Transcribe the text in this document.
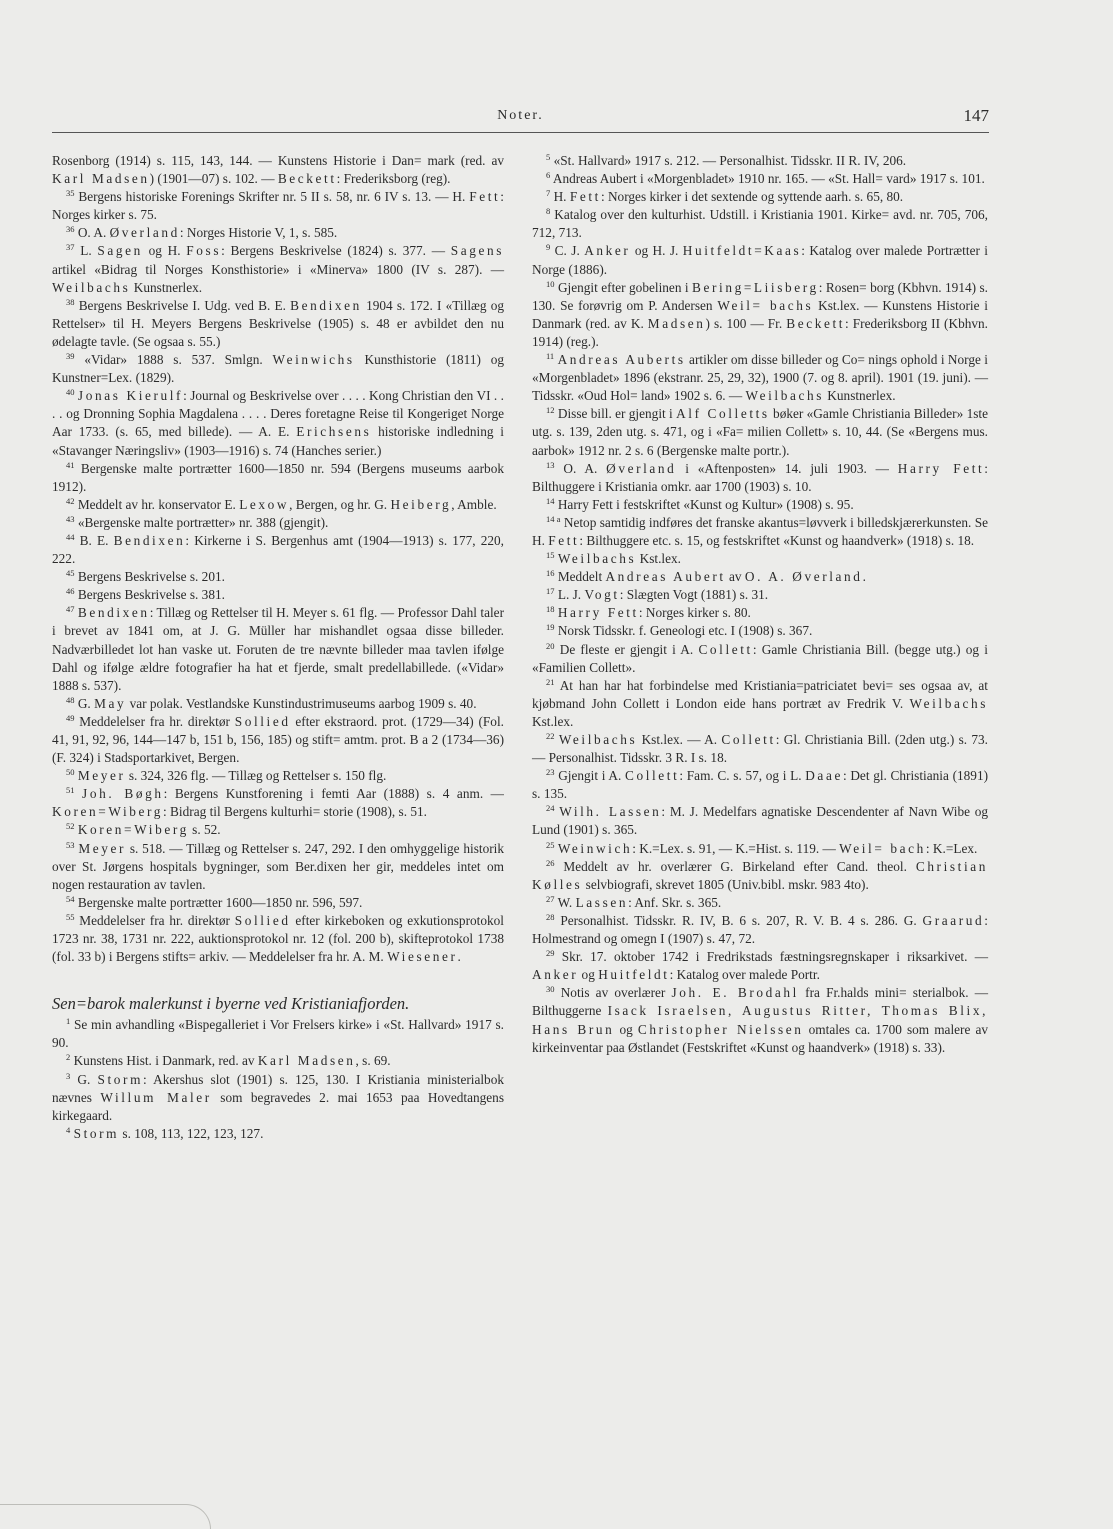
Noter.	147

Rosenborg (1914) s. 115, 143, 144. — Kunstens Historie i Dan= mark (red. av Karl Madsen) (1901—07) s. 102. — Beckett: Frederiksborg (reg).

$^{35}$ Bergens historiske Forenings Skrifter nr. 5 II s. 58, nr. 6 IV s. 13. — H. Fett: Norges kirker s. 75.

$^{36}$ O. A. Øverland: Norges Historie V, 1, s. 585.

$^{37}$ L. Sagen og H. Foss: Bergens Beskrivelse (1824) s. 377. — Sagens artikel «Bidrag til Norges Konsthistorie» i «Minerva» 1800 (IV s. 287). — Weilbachs Kunstnerlex.

$^{38}$ Bergens Beskrivelse I. Udg. ved B. E. Bendixen 1904 s. 172. I «Tillæg og Rettelser» til H. Meyers Bergens Beskrivelse (1905) s. 48 er avbildet den nu ødelagte tavle. (Se ogsaa s. 55.)

$^{39}$ «Vidar» 1888 s. 537. Smlgn. Weinwichs Kunsthistorie (1811) og Kunstner=Lex. (1829).

$^{40}$ Jonas Kierulf: Journal og Beskrivelse over . . . . Kong Christian den VI . . . . og Dronning Sophia Magdalena . . . . Deres foretagne Reise til Kongeriget Norge Aar 1733. (s. 65, med billede). — A. E. Erichsens historiske indledning i «Stavanger Næringsliv» (1903—1916) s. 74 (Hanches serier.)

$^{41}$ Bergenske malte portrætter 1600—1850 nr. 594 (Bergens museums aarbok 1912).

$^{42}$ Meddelt av hr. konservator E. Lexow, Bergen, og hr. G. Heiberg, Amble.

$^{43}$ «Bergenske malte portrætter» nr. 388 (gjengit).

$^{44}$ B. E. Bendixen: Kirkerne i S. Bergenhus amt (1904—1913) s. 177, 220, 222.

$^{45}$ Bergens Beskrivelse s. 201.

$^{46}$ Bergens Beskrivelse s. 381.

$^{47}$ Bendixen: Tillæg og Rettelser til H. Meyer s. 61 flg. — Professor Dahl taler i brevet av 1841 om, at J. G. Müller har mishandlet ogsaa disse billeder. Nadværbilledet lot han vaske ut. Foruten de tre nævnte billeder maa tavlen ifølge Dahl og ifølge ældre fotografier ha hat et fjerde, smalt predellabillede. («Vidar» 1888 s. 537).

$^{48}$ G. May var polak. Vestlandske Kunstindustrimuseums aarbog 1909 s. 40.

$^{49}$ Meddelelser fra hr. direktør Sollied efter ekstraord. prot. (1729—34) (Fol. 41, 91, 92, 96, 144—147 b, 151 b, 156, 185) og stift= amtm. prot. B a 2 (1734—36) (F. 324) i Stadsportarkivet, Bergen.

$^{50}$ Meyer s. 324, 326 flg. — Tillæg og Rettelser s. 150 flg.

$^{51}$ Joh. Bøgh: Bergens Kunstforening i femti Aar (1888) s. 4 anm. — Koren=Wiberg: Bidrag til Bergens kulturhi= storie (1908), s. 51.

$^{52}$ Koren=Wiberg s. 52.

$^{53}$ Meyer s. 518. — Tillæg og Rettelser s. 247, 292. I den omhyggelige historik over St. Jørgens hospitals bygninger, som Ber.dixen her gir, meddeles intet om nogen restauration av tavlen.

$^{54}$ Bergenske malte portrætter 1600—1850 nr. 596, 597.

$^{55}$ Meddelelser fra hr. direktør Sollied efter kirkeboken og exkutionsprotokol 1723 nr. 38, 1731 nr. 222, auktionsprotokol nr. 12 (fol. 200 b), skifteprotokol 1738 (fol. 33 b) i Bergens stifts= arkiv. — Meddelelser fra hr. A. M. Wiesener.

Sen=barok malerkunst i byerne ved Kristianiafjorden.

$^1$ Se min avhandling «Bispegalleriet i Vor Frelsers kirke» i «St. Hallvard» 1917 s. 90.

$^2$ Kunstens Hist. i Danmark, red. av Karl Madsen, s. 69.

$^3$ G. Storm: Akershus slot (1901) s. 125, 130. I Kristiania ministerialbok nævnes Willum Maler som begravedes 2. mai 1653 paa Hovedtangens kirkegaard.

$^4$ Storm s. 108, 113, 122, 123, 127.

$^5$ «St. Hallvard» 1917 s. 212. — Personalhist. Tidsskr. II R. IV, 206.

$^6$ Andreas Aubert i «Morgenbladet» 1910 nr. 165. — «St. Hall= vard» 1917 s. 101.

$^7$ H. Fett: Norges kirker i det sextende og syttende aarh. s. 65, 80.

$^8$ Katalog over den kulturhist. Udstill. i Kristiania 1901. Kirke= avd. nr. 705, 706, 712, 713.

$^9$ C. J. Anker og H. J. Huitfeldt=Kaas: Katalog over malede Portrætter i Norge (1886).

$^{10}$ Gjengit efter gobelinen i Bering=Liisberg: Rosen= borg (Kbhvn. 1914) s. 130. Se forøvrig om P. Andersen Weil= bachs Kst.lex. — Kunstens Historie i Danmark (red. av K. Madsen) s. 100 — Fr. Beckett: Frederiksborg II (Kbhvn. 1914) (reg.).

$^{11}$ Andreas Auberts artikler om disse billeder og Co= nings ophold i Norge i «Morgenbladet» 1896 (ekstranr. 25, 29, 32), 1900 (7. og 8. april). 1901 (19. juni). — Tidsskr. «Oud Hol= land» 1902 s. 6. — Weilbachs Kunstnerlex.

$^{12}$ Disse bill. er gjengit i Alf Colletts bøker «Gamle Christiania Billeder» 1ste utg. s. 139, 2den utg. s. 471, og i «Fa= milien Collett» s. 10, 44. (Se «Bergens mus. aarbok» 1912 nr. 2 s. 6 (Bergenske malte portr.).

$^{13}$ O. A. Øverland i «Aftenposten» 14. juli 1903. — Harry Fett: Bilthuggere i Kristiania omkr. aar 1700 (1903) s. 10.

$^{14}$ Harry Fett i festskriftet «Kunst og Kultur» (1908) s. 95.

$^{14 a}$ Netop samtidig indføres det franske akantus=løvverk i billedskjærerkunsten. Se H. Fett: Bilthuggere etc. s. 15, og festskriftet «Kunst og haandverk» (1918) s. 18.

$^{15}$ Weilbachs Kst.lex.

$^{16}$ Meddelt Andreas Aubert av O. A. Øverland.

$^{17}$ L. J. Vogt: Slægten Vogt (1881) s. 31.

$^{18}$ Harry Fett: Norges kirker s. 80.

$^{19}$ Norsk Tidsskr. f. Geneologi etc. I (1908) s. 367.

$^{20}$ De fleste er gjengit i A. Collett: Gamle Christiania Bill. (begge utg.) og i «Familien Collett».

$^{21}$ At han har hat forbindelse med Kristiania=patriciatet bevi= ses ogsaa av, at kjøbmand John Collett i London eide hans portræt av Fredrik V. Weilbachs Kst.lex.

$^{22}$ Weilbachs Kst.lex. — A. Collett: Gl. Christiania Bill. (2den utg.) s. 73. — Personalhist. Tidsskr. 3 R. I s. 18.

$^{23}$ Gjengit i A. Collett: Fam. C. s. 57, og i L. Daae: Det gl. Christiania (1891) s. 135.

$^{24}$ Wilh. Lassen: M. J. Medelfars agnatiske Descendenter af Navn Wibe og Lund (1901) s. 365.

$^{25}$ Weinwich: K.=Lex. s. 91, — K.=Hist. s. 119. — Weil= bach: K.=Lex.

$^{26}$ Meddelt av hr. overlærer G. Birkeland efter Cand. theol. Christian Kølles selvbiografi, skrevet 1805 (Univ.bibl. mskr. 983 4to).

$^{27}$ W. Lassen: Anf. Skr. s. 365.

$^{28}$ Personalhist. Tidsskr. R. IV, B. 6 s. 207, R. V. B. 4 s. 286. G. Graarud: Holmestrand og omegn I (1907) s. 47, 72.

$^{29}$ Skr. 17. oktober 1742 i Fredrikstads fæstningsregnskaper i riksarkivet. — Anker og Huitfeldt: Katalog over malede Portr.

$^{30}$ Notis av overlærer Joh. E. Brodahl fra Fr.halds mini= sterialbok. — Bilthuggerne Isack Israelsen, Augustus Ritter, Thomas Blix, Hans Brun og Christopher Nielssen omtales ca. 1700 som malere av kirkeinventar paa Østlandet (Festskriftet «Kunst og haandverk» (1918) s. 33).
